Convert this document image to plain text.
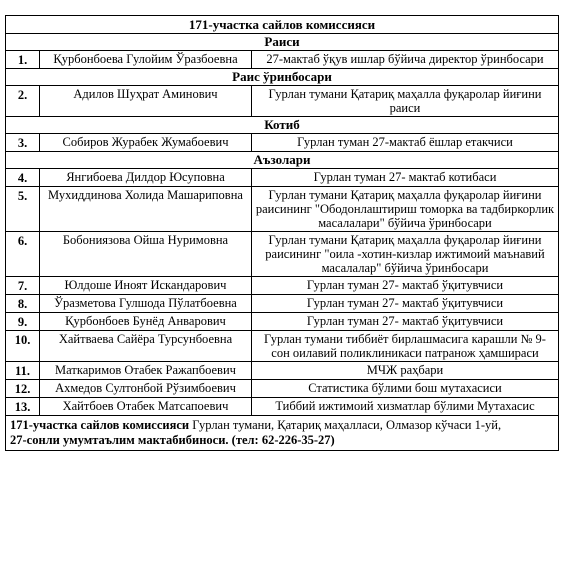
171-участка сайлов комиссияси		
Раиси		
1.	Қурбонбоева Гулойим Ўразбоевна	27-мактаб ўқув ишлар бўйича директор ўринбосари
Раис ўринбосари		
2.	Адилов Шуҳрат Аминович	Гурлан тумани Қатариқ маҳалла фуқаролар йиғини раиси
Котиб		
3.	Собиров Журабек Жумабоевич	Гурлан туман 27-мактаб ёшлар етакчиси
Аъзолари		
4.	Янгибоева Дилдор Юсуповна	Гурлан туман 27- мактаб котибаси
5.	Мухиддинова Холида Машариповна	Гурлан тумани Қатариқ маҳалла фуқаролар йиғини раисининг "Ободонлаштириш томорка ва тадбиркорлик масалалари" бўйича ўринбосари
6.	Бобониязова Ойша Нуримовна	Гурлан тумани Қатариқ маҳалла фуқаролар йиғини раисининг "оила -хотин-кизлар ижтимоий маънавий масалалар" бўйича ўринбосари
7.	Юлдоше Иноят Искандарович	Гурлан туман 27- мактаб ўқитувчиси
8.	Ўразметова Гулшода Пўлатбоевна	Гурлан туман 27- мактаб ўқитувчиси
9.	Қурбонбоев Бунёд Анварович	Гурлан туман 27- мактаб ўқитувчиси
10.	Хайтваева Сайёра Турсунбоевна	Гурлан тумани тиббиёт бирлашмасига карашли № 9-сон оилавий поликлиникаси патранож ҳамшираси
11.	Маткаримов Отабек Ражапбоевич	МЧЖ раҳбари
12.	Ахмедов Султонбой Рўзимбоевич	Статистика бўлими бош мутахасиси
13.	Хайтбоев Отабек Матсапоевич	Тиббий ижтимоий хизматлар бўлими Мутахасис
171-участка сайлов комиссияси Гурлан тумани, Қатариқ маҳалласи, Олмазор кўчаси 1-уй,
27-сонли умумтаълим мактабибиноси. (тел: 62-226-35-27)		
